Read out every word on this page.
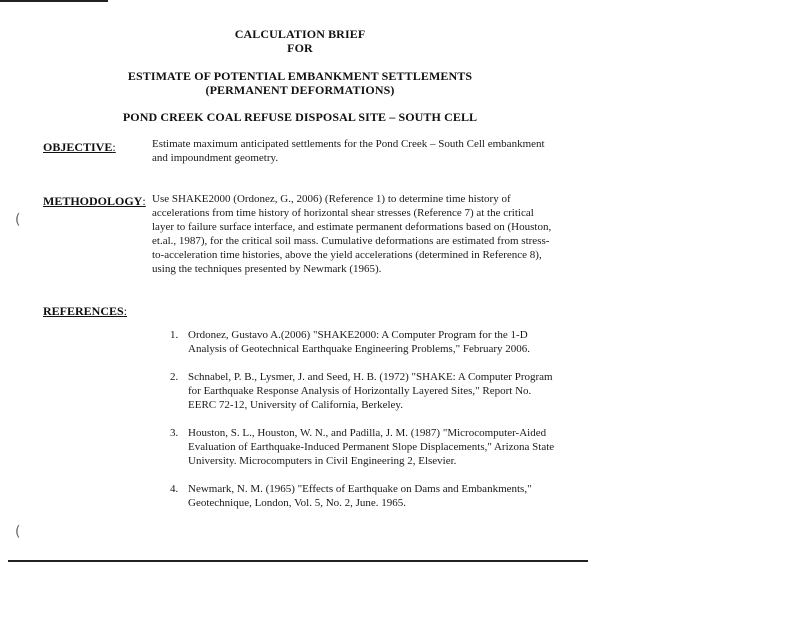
CALCULATION BRIEF
FOR
ESTIMATE OF POTENTIAL EMBANKMENT SETTLEMENTS
(PERMANENT DEFORMATIONS)
POND CREEK COAL REFUSE DISPOSAL SITE – SOUTH CELL
OBJECTIVE:	Estimate maximum anticipated settlements for the Pond Creek – South Cell embankment and impoundment geometry.
METHODOLOGY: Use SHAKE2000 (Ordonez, G., 2006) (Reference 1) to determine time history of accelerations from time history of horizontal shear stresses (Reference 7) at the critical layer to failure surface interface, and estimate permanent deformations based on (Houston, et.al., 1987), for the critical soil mass. Cumulative deformations are estimated from stress-to-acceleration time histories, above the yield accelerations (determined in Reference 8), using the techniques presented by Newmark (1965).
(
REFERENCES:
1. Ordonez, Gustavo A.(2006) "SHAKE2000: A Computer Program for the 1-D Analysis of Geotechnical Earthquake Engineering Problems," February 2006.
2. Schnabel, P. B., Lysmer, J. and Seed, H. B. (1972) "SHAKE: A Computer Program for Earthquake Response Analysis of Horizontally Layered Sites," Report No. EERC 72-12, University of California, Berkeley.
3. Houston, S. L., Houston, W. N., and Padilla, J. M. (1987) "Microcomputer-Aided Evaluation of Earthquake-Induced Permanent Slope Displacements," Arizona State University. Microcomputers in Civil Engineering 2, Elsevier.
4. Newmark, N. M. (1965) "Effects of Earthquake on Dams and Embankments," Geotechnique, London, Vol. 5, No. 2, June. 1965.
(
